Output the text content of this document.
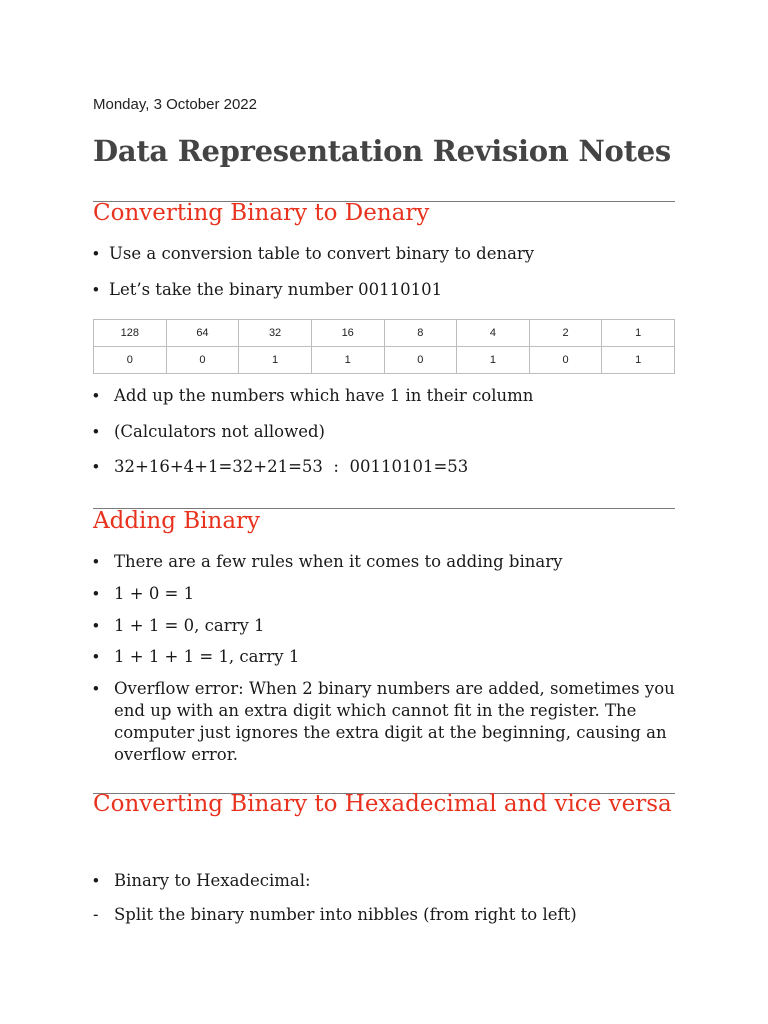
Monday, 3 October 2022
Data Representation Revision Notes
Converting Binary to Denary
• Use a conversion table to convert binary to denary
• Let’s take the binary number 00110101
128	64	32	16	8	4	2	1
0	0	1	1	0	1	0	1
• Add up the numbers which have 1 in their column
• (Calculators not allowed)
• 32+16+4+1=32+21=53  :  00110101=53
Adding Binary
• There are a few rules when it comes to adding binary
• 1 + 0 = 1
• 1 + 1 = 0, carry 1
• 1 + 1 + 1 = 1, carry 1
• Overflow error: When 2 binary numbers are added, sometimes you end up with an extra digit which cannot fit in the register. The computer just ignores the extra digit at the beginning, causing an overflow error.
Converting Binary to Hexadecimal and vice versa
• Binary to Hexadecimal:
- Split the binary number into nibbles (from right to left)
